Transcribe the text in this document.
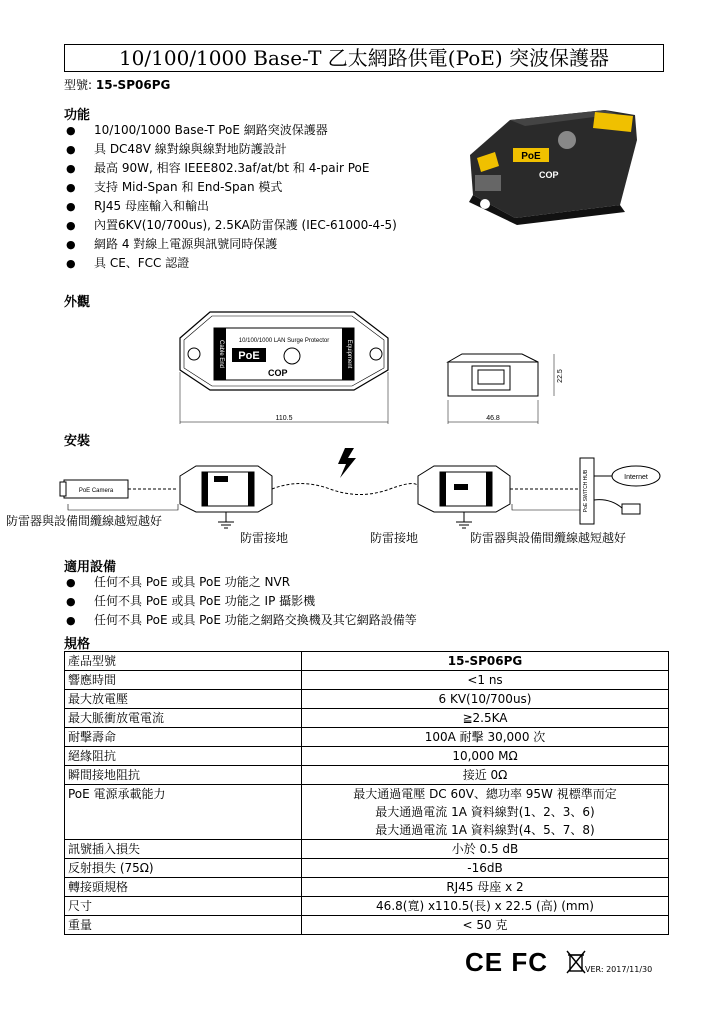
10/100/1000 Base-T 乙太網路供電(PoE) 突波保護器
型號: 15-SP06PG
功能
● 10/100/1000 Base-T PoE 網路突波保護器
● 具 DC48V 線對線與線對地防護設計
● 最高 90W, 相容 IEEE802.3af/at/bt 和 4-pair PoE
● 支持 Mid-Span 和 End-Span 模式
● RJ45 母座輸入和輸出
● 內置6KV(10/700us), 2.5KA防雷保護 (IEC-61000-4-5)
● 網路 4 對線上電源與訊號同時保護
● 具 CE、FCC 認證
PoE
COP
外觀
10/100/1000 LAN Surge Protector
PoE
COP
Cable End	Equipment
110.5	46.8
22.5
安裝
PoE Camera	PoE SWITCH HUB	Internet
防雷器與設備間纜線越短越好
防雷接地	防雷接地	防雷器與設備間纜線越短越好
適用設備
● 任何不具 PoE 或具 PoE 功能之 NVR
● 任何不具 PoE 或具 PoE 功能之 IP 攝影機
● 任何不具 PoE 或具 PoE 功能之網路交換機及其它網路設備等
規格
產品型號	15-SP06PG

響應時間	<1 ns

最大放電壓	6 KV(10/700us)

最大脈衝放電電流	≧2.5KA

耐擊壽命	100A 耐擊 30,000 次

絕緣阻抗	10,000 MΩ

瞬間接地阻抗	接近 0Ω

PoE 電源承載能力	最大通過電壓 DC 60V、總功率 95W 視標準而定
最大通過電流 1A 資料線對(1、2、3、6)
最大通過電流 1A 資料線對(4、5、7、8)

訊號插入損失	小於 0.5 dB

反射損失 (75Ω)	-16dB

轉接頭規格	RJ45 母座 x 2

尺寸	46.8(寬) x110.5(長) x 22.5 (高) (mm)

重量	< 50 克
CE FC	VER: 2017/11/30
